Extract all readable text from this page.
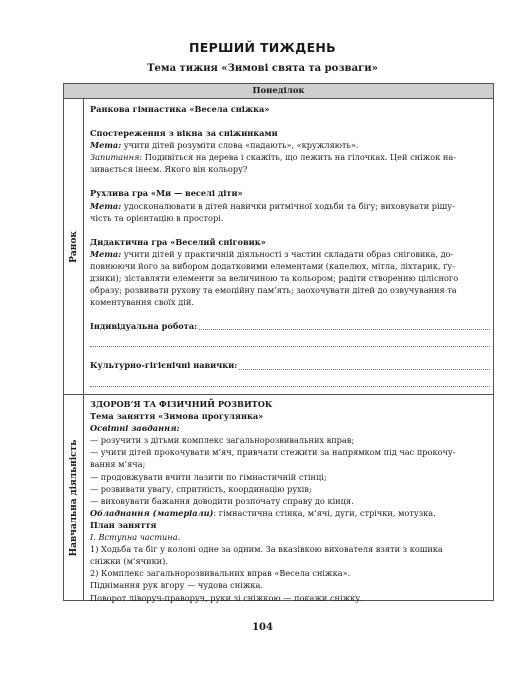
ПЕРШИЙ ТИЖДЕНЬ
Тема тижня «Зимові свята та розваги»
Понеділок
Ранок
Навчальна діяльність

Ранкова гімнастика «Весела сніжка»

Спостереження з вікна за сніжинками

Мета: учити дітей розуміти слова «падають», «кружляють».

Запитання: Подивіться на дерева і скажіть, що лежить на гілочках. Цей сніжок на-

зивається інеєм. Якого він кольору?

Рухлива гра «Ми — веселі діти»

Мета: удосконалювати в дітей навички ритмічної ходьби та бігу; виховувати рішу-

чість та орієнтацію в просторі.

Дидактична гра «Веселий сніговик»

Мета: учити дітей у практичній діяльності з частин складати образ сніговика, до-

повнюючи його за вибором додатковими елементами (капелюх, мітла, ліхтарик, ґу-

дзики); зіставляти елементи за величиною та кольором; радіти створенню цілісного

образу; розвивати рухову та емоційну пам’ять; заохочувати дітей до озвучування та

коментування своїх дій.

Індивідуальна робота:
Культурно-гігієнічні навички:

ЗДОРОВ’Я ТА ФІЗИЧНИЙ РОЗВИТОК

Тема заняття «Зимова прогулянка»

Освітні завдання:

— розучити з дітьми комплекс загальнорозвивальних вправ;

— учити дітей прокочувати м’яч, привчати стежити за напрямком під час прокочу-

вання м’яча;

— продовжувати вчити лазити по гімнастичній стінці;

— розвивати увагу, спритність, координацію рухів;

— виховувати бажання доводити розпочату справу до кінця.

Обладнання (матеріали): гімнастична стінка, м’ячі, дуги, стрічки, мотузка.

План заняття

I. Вступна частина.

1) Ходьба та біг у колоні одне за одним. За вказівкою вихователя взяти з кошика

сніжки (м’ячики).

2) Комплекс загальнорозвивальних вправ «Весела сніжка».

Піднімання рук вгору — чудова сніжка.

Поворот ліворуч-праворуч, руки зі сніжкою — покажи сніжку.

104
